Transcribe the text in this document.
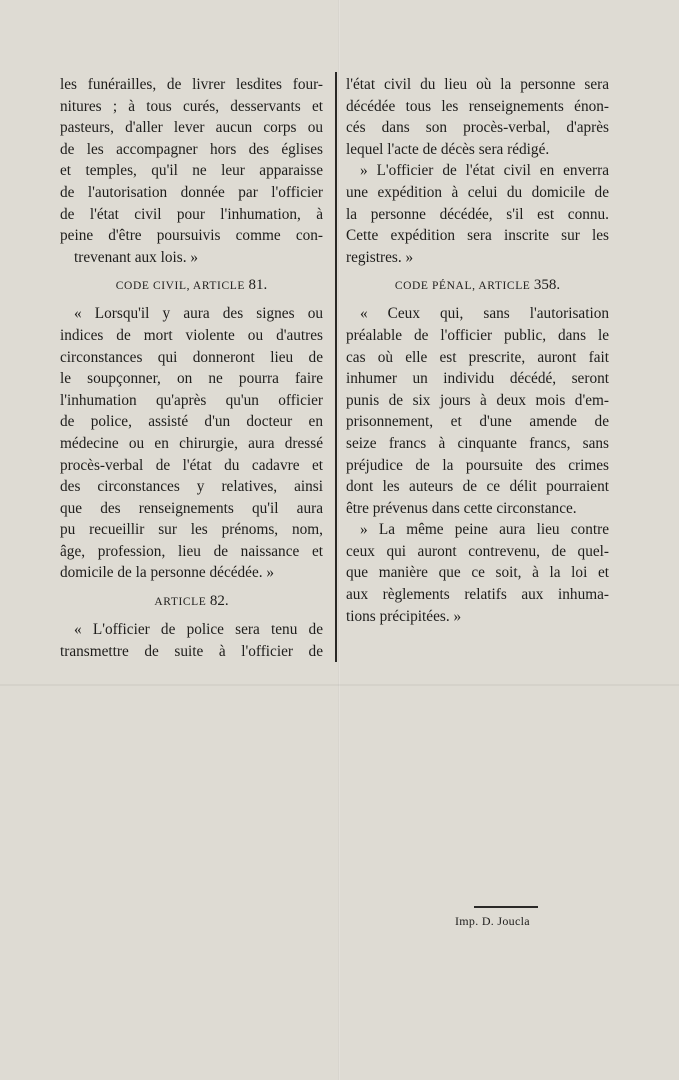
les funérailles, de livrer lesdites four-
nitures ; à tous curés, desservants et
pasteurs, d'aller lever aucun corps ou
de les accompagner hors des églises
et temples, qu'il ne leur apparaisse
de l'autorisation donnée par l'officier
de l'état civil pour l'inhumation, à
peine d'être poursuivis comme con-
trevenant aux lois. »
CODE CIVIL, ARTICLE 81.
« Lorsqu'il y aura des signes ou
indices de mort violente ou d'autres
circonstances qui donneront lieu de
le soupçonner, on ne pourra faire
l'inhumation qu'après qu'un officier
de police, assisté d'un docteur en
médecine ou en chirurgie, aura dressé
procès-verbal de l'état du cadavre et
des circonstances y relatives, ainsi
que des renseignements qu'il aura
pu recueillir sur les prénoms, nom,
âge, profession, lieu de naissance et
domicile de la personne décédée. »
ARTICLE 82.
« L'officier de police sera tenu de
transmettre de suite à l'officier de
l'état civil du lieu où la personne sera
décédée tous les renseignements énon-
cés dans son procès-verbal, d'après
lequel l'acte de décès sera rédigé.
» L'officier de l'état civil en enverra
une expédition à celui du domicile de
la personne décédée, s'il est connu.
Cette expédition sera inscrite sur les
registres. »
CODE PÉNAL, ARTICLE 358.
« Ceux qui, sans l'autorisation
préalable de l'officier public, dans le
cas où elle est prescrite, auront fait
inhumer un individu décédé, seront
punis de six jours à deux mois d'em-
prisonnement, et d'une amende de
seize francs à cinquante francs, sans
préjudice de la poursuite des crimes
dont les auteurs de ce délit pourraient
être prévenus dans cette circonstance.
» La même peine aura lieu contre
ceux qui auront contrevenu, de quel-
que manière que ce soit, à la loi et
aux règlements relatifs aux inhuma-
tions précipitées. »
Imp. D. Joucla
